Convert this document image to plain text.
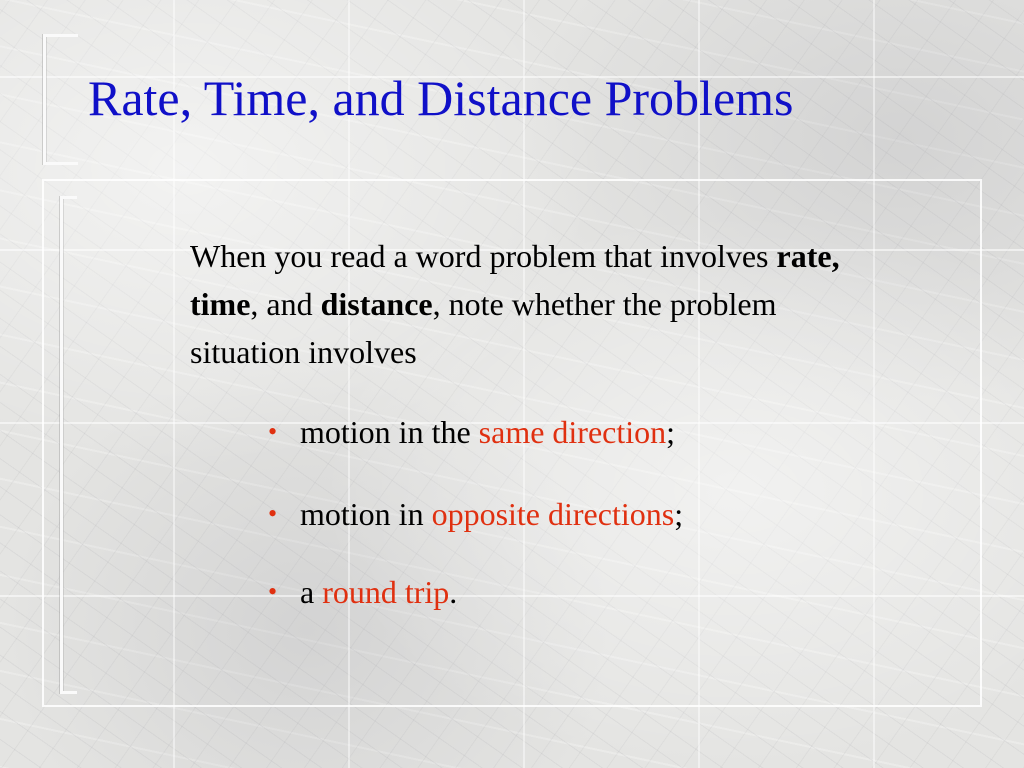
Rate, Time, and Distance Problems

When you read a word problem that involves rate, time, and distance, note whether the problem situation involves

• motion in the same direction;
• motion in opposite directions;
• a round trip.
